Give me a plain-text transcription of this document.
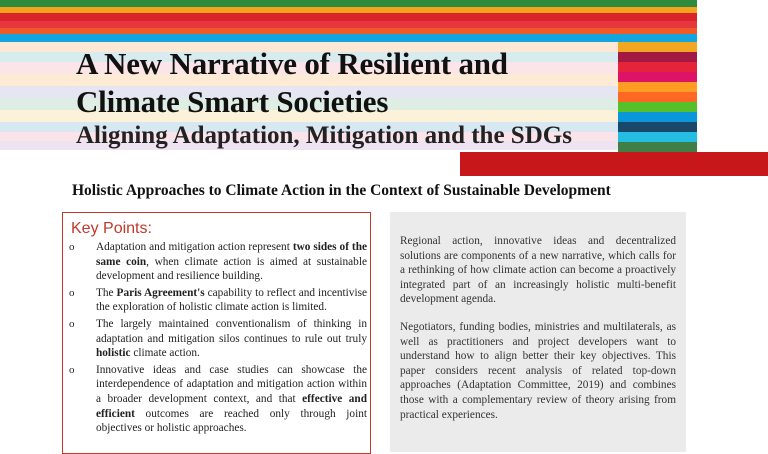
A New Narrative of Resilient and
Climate Smart Societies
Aligning Adaptation, Mitigation and the SDGs
Holistic Approaches to Climate Action in the Context of Sustainable Development
Key Points:
o Adaptation and mitigation action represent two sides of the same coin, when climate action is aimed at sustainable development and resilience building.
o The Paris Agreement's capability to reflect and incentivise the exploration of holistic climate action is limited.
o The largely maintained conventionalism of thinking in adaptation and mitigation silos continues to rule out truly holistic climate action.
o Innovative ideas and case studies can showcase the interdependence of adaptation and mitigation action within a broader development context, and that effective and efficient outcomes are reached only through joint objectives or holistic approaches.

Regional action, innovative ideas and decentralized solutions are components of a new narrative, which calls for a rethinking of how climate action can become a proactively integrated part of an increasingly holistic multi-benefit development agenda.

Negotiators, funding bodies, ministries and multilaterals, as well as practitioners and project developers want to understand how to align better their key objectives. This paper considers recent analysis of related top-down approaches (Adaptation Committee, 2019) and combines those with a complementary review of theory arising from practical experiences.
